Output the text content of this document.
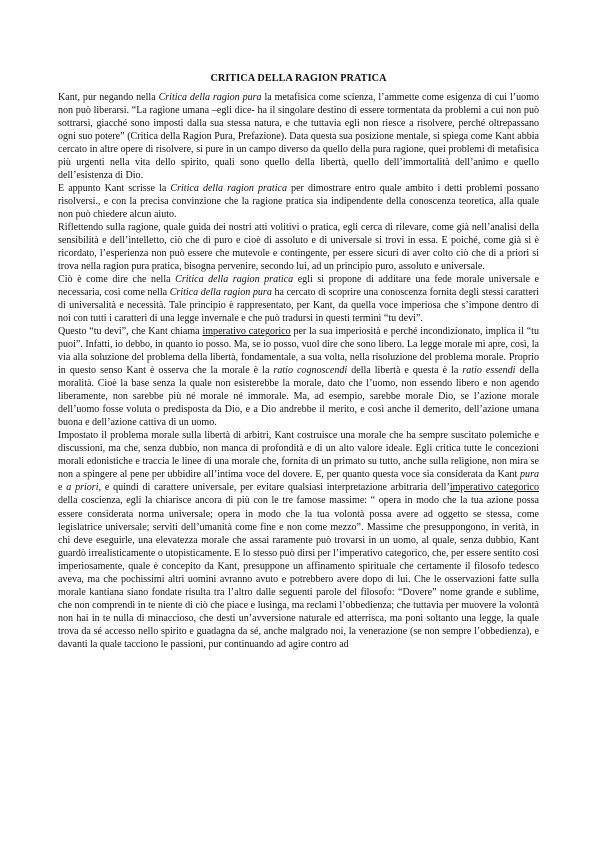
CRITICA DELLA RAGION PRATICA

Kant, pur negando nella Critica della ragion pura la metafisica come scienza, l’ammette come esigenza di cui l’uomo non può liberarsi. “La ragione umana –egli dice- ha il singolare destino di essere tormentata da problemi a cui non può sottrarsi, giacché sono imposti dalla sua stessa natura, e che tuttavia egli non riesce a risolvere, perché oltrepassano ogni suo potere” (Critica della Ragion Pura, Prefazione). Data questa sua posizione mentale, si spiega come Kant abbia cercato in altre opere di risolvere, si pure in un campo diverso da quello della pura ragione, quei problemi di metafisica più urgenti nella vita dello spirito, quali sono quello della libertà, quello dell’immortalità dell’animo e quello dell’esistenza di Dio.

E appunto Kant scrisse la Critica della ragion pratica per dimostrare entro quale ambito i detti problemi possano risolversi., e con la precisa convinzione che la ragione pratica sia indipendente della conoscenza teoretica, alla quale non può chiedere alcun aiuto.

Riflettendo sulla ragione, quale guida dei nostri atti volitivi o pratica, egli cerca di rilevare, come già nell’analisi della sensibilità e dell’intelletto, ciò che di puro e cioè di assoluto e di universale si trovi in essa. E poiché, come già si è ricordato, l’esperienza non può essere che mutevole e contingente, per essere sicuri di aver colto ciò che di a priori si trova nella ragion pura pratica, bisogna pervenire, secondo lui, ad un principio puro, assoluto e universale.

Ciò è come dire che nella Critica della ragion pratica egli si propone di additare una fede morale universale e necessaria, così come nella Critica della ragion pura ha cercato di scoprire una conoscenza fornita degli stessi caratteri di universalità e necessità. Tale principio è rappresentato, per Kant, da quella voce imperiosa che s’impone dentro di noi con tutti i caratteri di una legge invernale e che può tradursi in questi termini “tu devi”.

Questo “tu devi”, che Kant chiama imperativo categorico per la sua imperiosità e perché incondizionato, implica il “tu puoi”. Infatti, io debbo, in quanto io posso. Ma, se io posso, vuol dire che sono libero. La legge morale mi apre, così, la via alla soluzione del problema della libertà, fondamentale, a sua volta, nella risoluzione del problema morale. Proprio in questo senso Kant è osserva che la morale è la ratio cognoscendi della libertà e questa è la ratio essendi della moralità. Cioè la base senza la quale non esisterebbe la morale, dato che l’uomo, non essendo libero e non agendo liberamente, non sarebbe più né morale né immorale. Ma, ad esempio, sarebbe morale Dio, se l’azione morale dell’uomo fosse voluta o predisposta da Dio, e a Dio andrebbe il merito, e così anche il demerito, dell’azione umana buona e dell’azione cattiva di un uomo.

Impostato il problema morale sulla libertà di arbitri, Kant costruisce una morale che ha sempre suscitato polemiche e discussioni, ma che, senza dubbio, non manca di profondità e di un alto valore ideale. Egli critica tutte le concezioni morali edonistiche e traccia le linee di una morale che, fornita di un primato su tutto, anche sulla religione, non mira se non a spingere al pene per ubbidire all’intima voce del dovere. E, per quanto questa voce sia considerata da Kant pura e a priori, e quindi di carattere universale, per evitare qualsiasi interpretazione arbitraria dell’imperativo categorico della coscienza, egli la chiarisce ancora di più con le tre famose massime: “ opera in modo che la tua azione possa essere considerata norma universale; opera in modo che la tua volontà possa avere ad oggetto se stessa, come legislatrice universale; serviti dell’umanità come fine e non come mezzo”. Massime che presuppongono, in verità, in chi deve eseguirle, una elevatezza morale che assai raramente può trovarsi in un uomo, al quale, senza dubbio, Kant guardò irrealisticamente o utopisticamente. E lo stesso può dirsi per l’imperativo categorico, che, per essere sentito così imperiosamente, quale è concepito da Kant, presuppone un affinamento spirituale che certamente il filosofo tedesco aveva, ma che pochissimi altri uomini avranno avuto e potrebbero avere dopo di lui. Che le osservazioni fatte sulla morale kantiana siano fondate risulta tra l’altro dalle seguenti parole del filosofo: “Dovere” nome grande e sublime, che non comprendi in te niente di ciò che piace e lusinga, ma reclami l’obbedienza; che tuttavia per muovere la volontà non hai in te nulla di minaccioso, che desti un’avversione naturale ed atterrisca, ma poni soltanto una legge, la quale trova da sé accesso nello spirito e guadagna da sé, anche malgrado noi, la venerazione (se non sempre l’obbedienza), e davanti la quale tacciono le passioni, pur continuando ad agire contro ad
